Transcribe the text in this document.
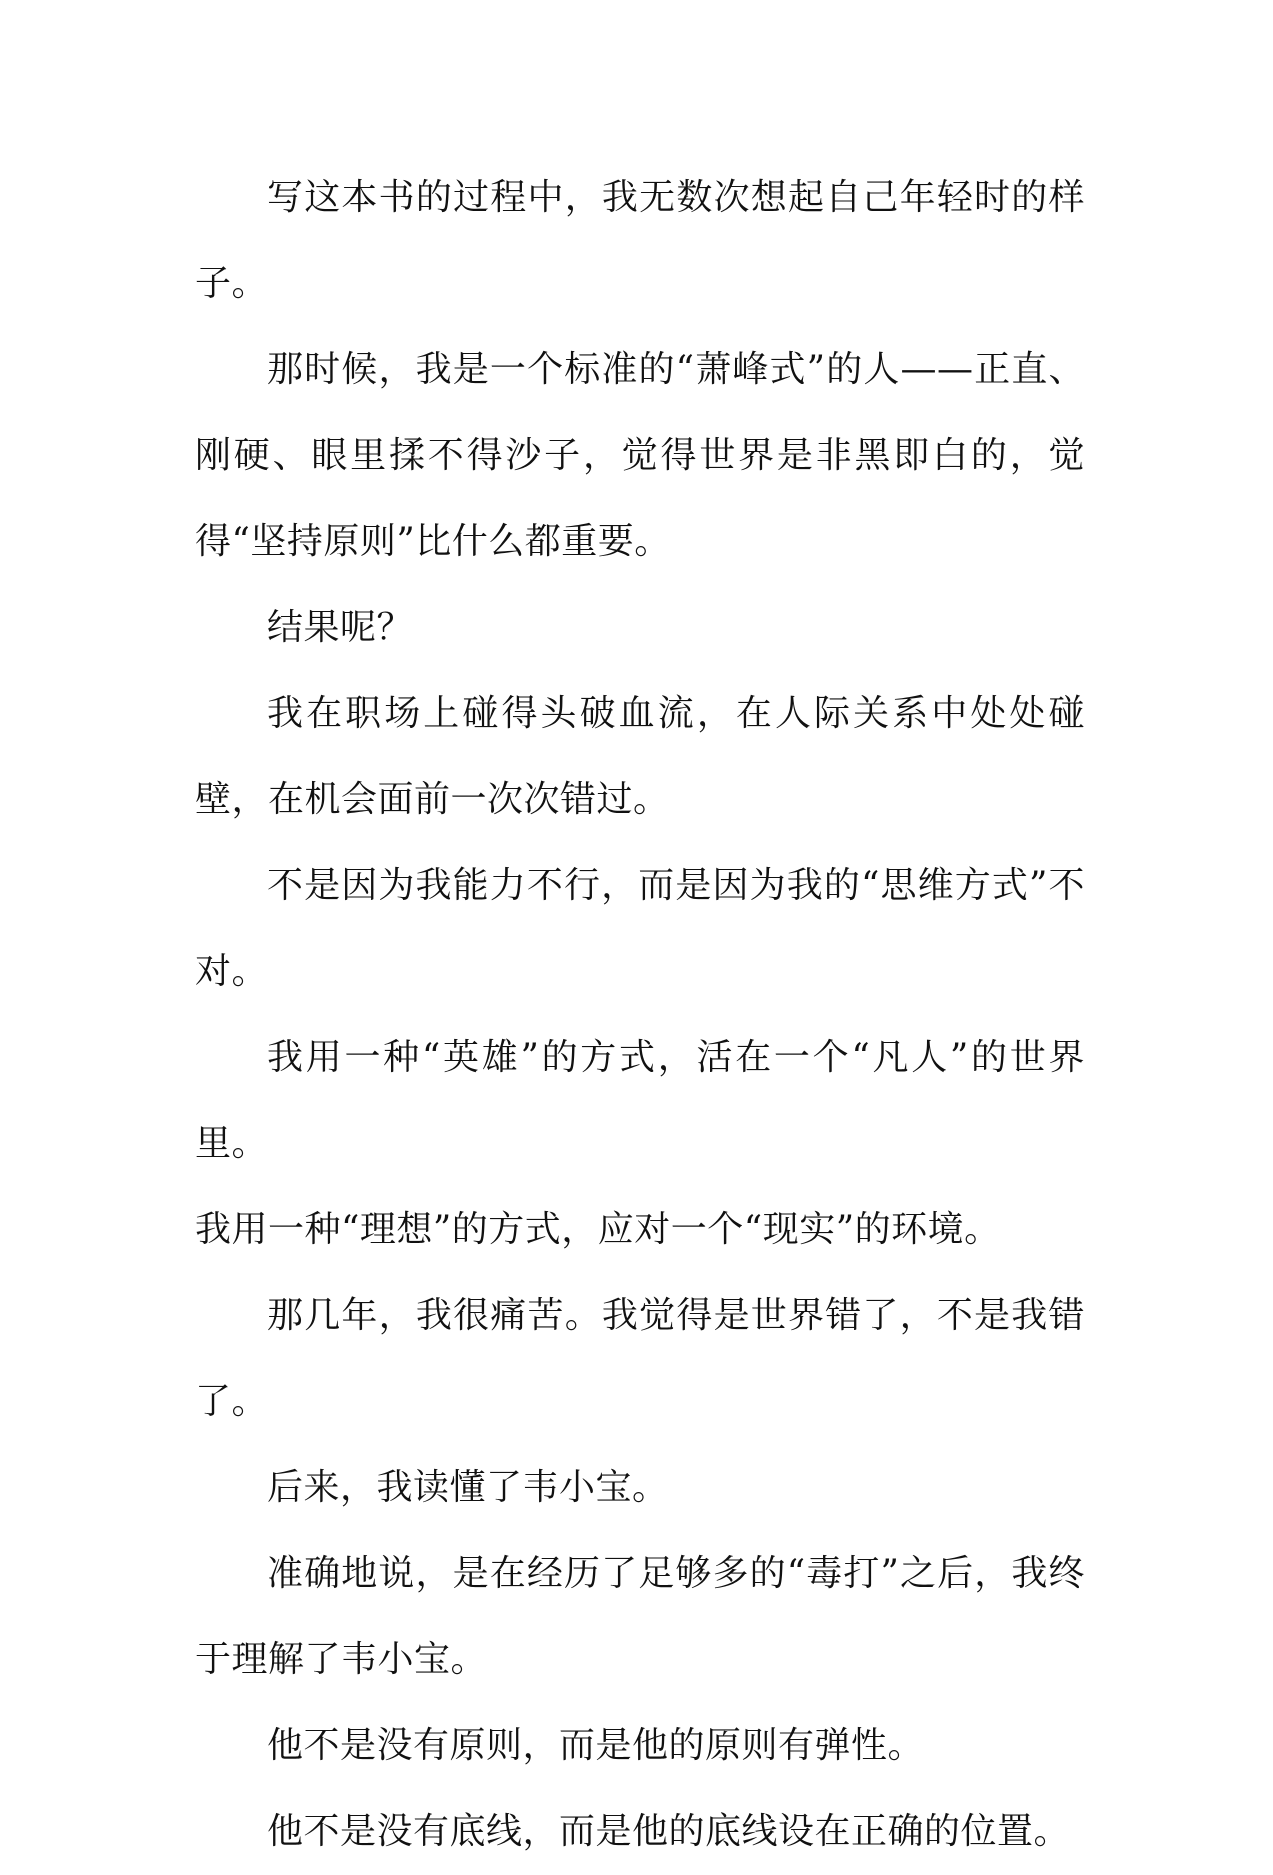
写这本书的过程中，我无数次想起自己年轻时的样子。

那时候，我是一个标准的“萧峰式”的人——正直、刚硬、眼里揉不得沙子，觉得世界是非黑即白的，觉得“坚持原则”比什么都重要。

结果呢？

我在职场上碰得头破血流，在人际关系中处处碰壁，在机会面前一次次错过。

不是因为我能力不行，而是因为我的“思维方式”不对。

我用一种“英雄”的方式，活在一个“凡人”的世界里。

我用一种“理想”的方式，应对一个“现实”的环境。

那几年，我很痛苦。我觉得是世界错了，不是我错了。

后来，我读懂了韦小宝。

准确地说，是在经历了足够多的“毒打”之后，我终于理解了韦小宝。

他不是没有原则，而是他的原则有弹性。

他不是没有底线，而是他的底线设在正确的位置。
